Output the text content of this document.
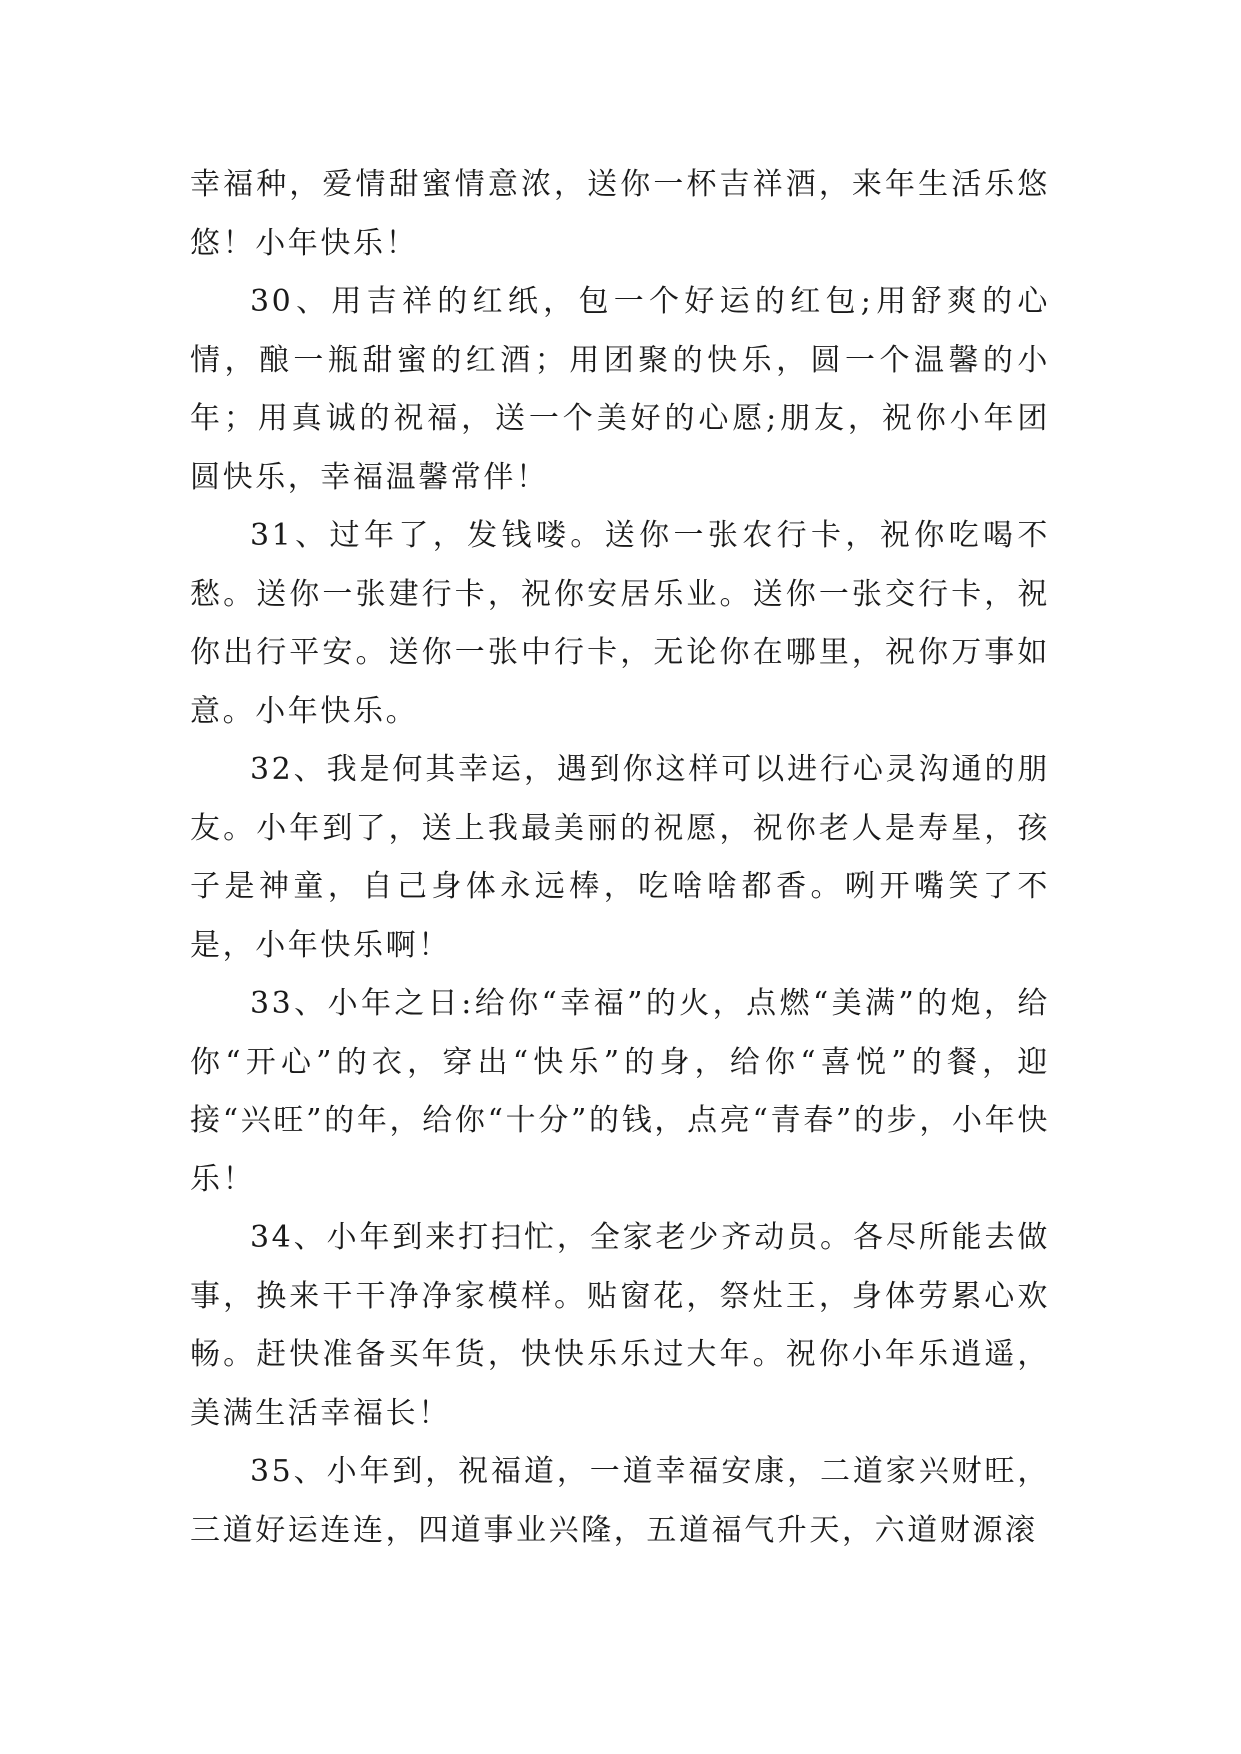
幸福种，爱情甜蜜情意浓，送你一杯吉祥酒，来年生活乐悠悠！小年快乐！

30、用吉祥的红纸，包一个好运的红包;用舒爽的心情，酿一瓶甜蜜的红酒；用团聚的快乐，圆一个温馨的小年；用真诚的祝福，送一个美好的心愿;朋友，祝你小年团圆快乐，幸福温馨常伴！

31、过年了，发钱喽。送你一张农行卡，祝你吃喝不愁。送你一张建行卡，祝你安居乐业。送你一张交行卡，祝你出行平安。送你一张中行卡，无论你在哪里，祝你万事如意。小年快乐。

32、我是何其幸运，遇到你这样可以进行心灵沟通的朋友。小年到了，送上我最美丽的祝愿，祝你老人是寿星，孩子是神童，自己身体永远棒，吃啥啥都香。咧开嘴笑了不是，小年快乐啊！

33、小年之日:给你“幸福”的火，点燃“美满”的炮，给你“开心”的衣，穿出“快乐”的身，给你“喜悦”的餐，迎接“兴旺”的年，给你“十分”的钱，点亮“青春”的步，小年快乐！

34、小年到来打扫忙，全家老少齐动员。各尽所能去做事，换来干干净净家模样。贴窗花，祭灶王，身体劳累心欢畅。赶快准备买年货，快快乐乐过大年。祝你小年乐逍遥，美满生活幸福长！

35、小年到，祝福道，一道幸福安康，二道家兴财旺，三道好运连连，四道事业兴隆，五道福气升天，六道财源滚
